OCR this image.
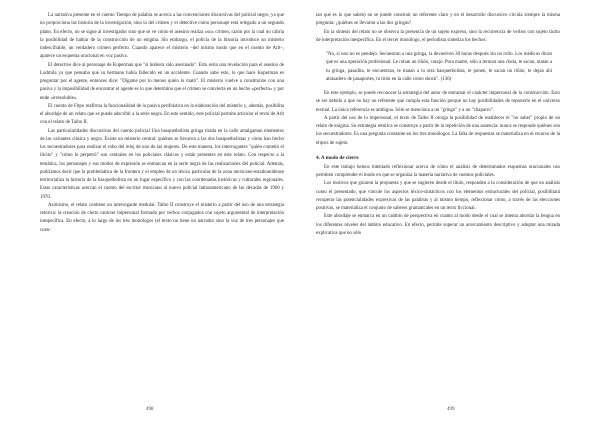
La narrativa presente en el cuento Tiempo de palabra se acerca a las convenciones discursivas del policial negro, ya que no proporciona las historia de la investigación, sino la del crimen y el detective como personaje está relegado a un segundo plano. En efecto, no se sigue al investigador sino que se ve cómo el asesino realiza «su» crimen, razón por la cual no cabría la posibilidad de hablar de la construcción de un enigma. Sin embargo, el policía de la historia introduce un misterio indescifrable, un verdadero crimen perfecto. Cuando aparece el misterio –del mismo modo que en el cuento de Arlt–, aparece un esquema oracional en voz pasiva.

El detective dice al personaje de Kuperman que "si hubiera sido asesinado". Esto sería una revelación para el asesino de Ludmila ya que pensaba que su hermano había fallecido en un accidente. Cuando sabe esto, lo que hace Kuperman es preguntar por el agente, entonces dice: "Dígame por lo menos quién lo mató". El misterio vuelve a constituirse con una pasiva y la imposibilidad de encontrar el agente es lo que determina que el crimen se convierta en un hecho «perfecto» y por ende «irresoluble».

El cuento de Fitpo reafirma la funcionalidad de la pasiva perifrástica en la elaboración del misterio y, además, posibilita el abordaje de un relato que se puede adscribir a la serie negra. En este sentido, este policial permite articular el texto de Arlt con el relato de Taibo II.

Las particularidades discursivas del cuento policial Una basquetbolista gringa tirada en la calle amalgaman elementos de las variantes clásica y negra. Existe un misterio central: quiénes se llevaron a las dos basquetbolistas y cómo han hecho los secuestradores para realizar el robo del reloj de uno de las mujeres. De este manera, los interrogantes "quién cometió el ilícito" y "cómo lo perpetró" son centrales en los policiales clásicos y están presentes en este relato. Con respecto a la temática, los personajes y sus modos de expresión se enmarcan en la serie negra de las realizaciones del policial. Además, podríamos decir que la problemática de la frontera y el empleo de un léxico particular de la zona mexicano-estadounidense territorializa la historia de la basquetbolista en un lugar específico y con las coordenadas históricas y culturales regionales. Estas características acercan el cuento del escritor mexicano al nuevo policial latinoamericano de las décadas de 1960 y 1970.

Asimismo, el relato contiene un interrogante medular. Taibo II construye el misterio a partir del uso de una estrategia retórica: la creación de cierto carácter impersonal formado por verbos conjugados con sujeto argumental de interpretación inespecífica. En efecto, a lo largo de los tres monólogos (el texto no tiene un narrador sino la voz de tres personajes que cuen-

tan qué es lo que saben) no se puede construir un referente claro y en el desarrollo discursivo circula siempre la misma pregunta: ¿quiénes se llevaron a las dos gringas?

En la síntesis del relato no se observa la presencia de un sujeto expreso, sino la recurrencia de verbos con sujeto tácito de interpretación inespecífica. En el tercer monólogo, el periodista sintetiza los hechos:

"No, si uno no es pendejo. Secuestran a una gringa, la devuelven 30 horas después sin un rollo. Los médicos dicen que es una operación profesional. Le roban un riñón, carajo. Pura madre, sólo a ternura una chela, te sacan, matan a tu gringa, pasadita, te encuentran, te matan a tu otra basquetbolista, te ponen, te sacan un riñón, te dejan ahí atrasadero de pasaportes, tu tirón en la calle como shock". (136)

En este ejemplo, se puede reconocer la estrategia del autor de entramar el carácter impersonal de la construcción. Esto se ser debido a que no hay un referente que cumpla esta función porque no hay posibilidades de reponerlo en el universo textual. La única referencia es ambigua. Sólo se menciona a un "gringo" y a un "chaparro".

A partir del uso de lo impersonal, el texto de Taibo II otorga la posibilidad de establecer el "no saber" propio de un relato de enigma. Su estrategia retórica se construye a partir de la repetición de una ausencia: nunca se responde quiénes son los secuestradores. Es una pregunta constante en los tres monólogos. La falta de respuestas se materializa en el recurso de la elipsis de sujeto.

4. A modo de cierre

En este trabajo hemos intentado reflexionar acerca de cómo el análisis de determinados esquemas oracionales nos permiten comprender el modo en que se organiza la materia narrativa de cuentos policiales.

Los motivos que guiaron la propuesta y que se sugieren desde el título, responden a la consideración de que un análisis como el presentado, que vincule los aspectos léxico-sintácticos con los elementos estructurales del policial, posibilitará recuperar las potencialidades expresivas de las palabras y al mismo tiempo, reflexionar cómo, a través de las elecciones positivas, se materializa el conjunto de saberes gramaticales en un texto ficcional.

Este abordaje se enmarca en un cambio de perspectiva en cuanto al modo desde el cual se intenta abordar la lengua en los diferentes niveles del ámbito educativo. En efecto, permite superar un acercamiento descriptivo y adoptar una mirada explicativa que no sólo

498	499
